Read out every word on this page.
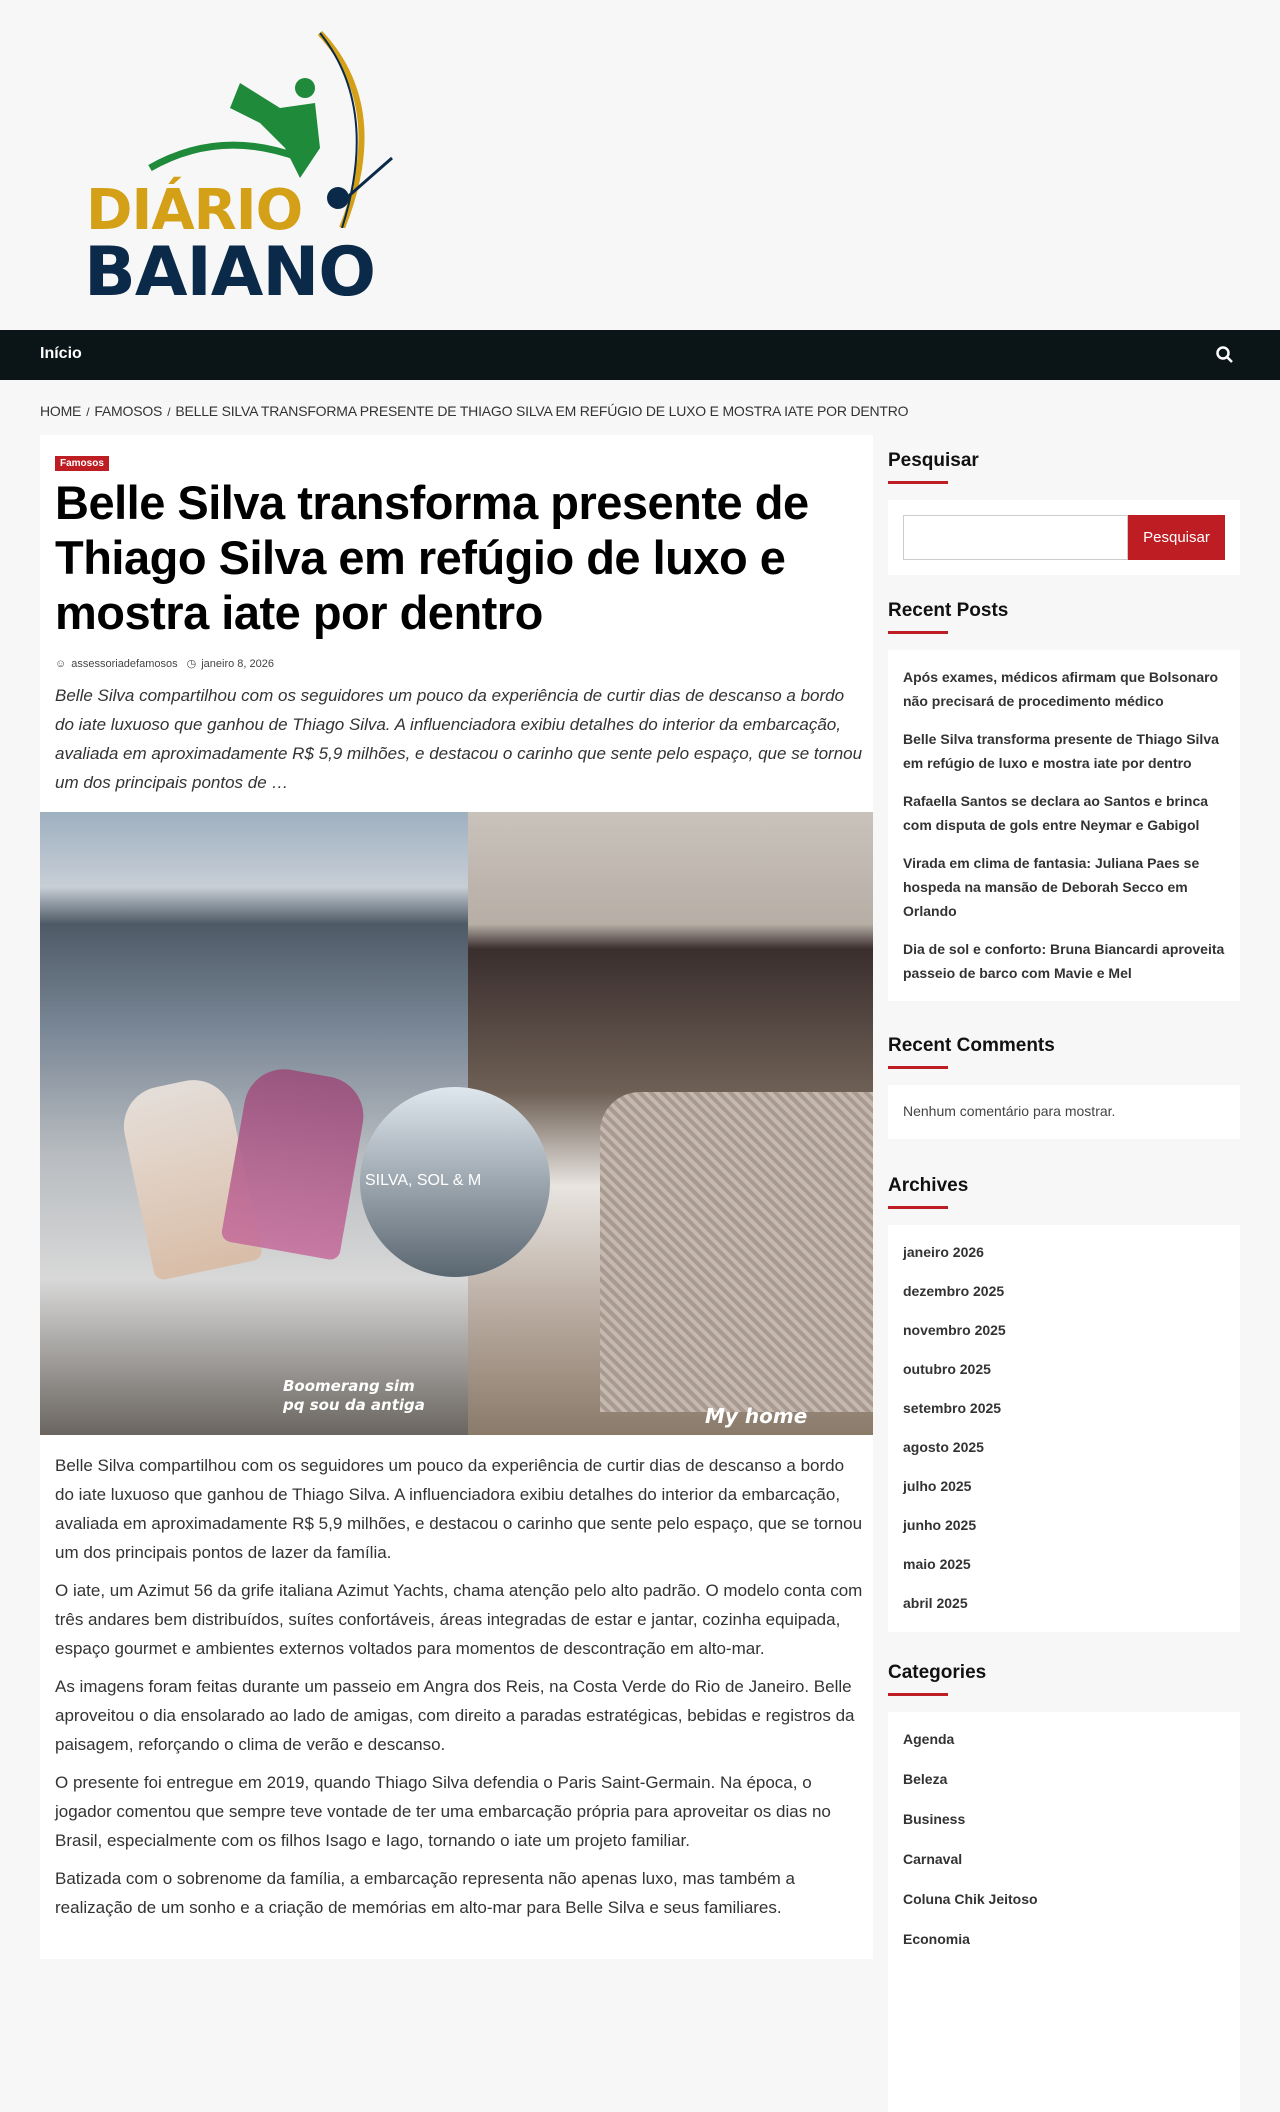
DIÁRIO
BAIANO
Início
HOME / FAMOSOS / BELLE SILVA TRANSFORMA PRESENTE DE THIAGO SILVA EM REFÚGIO DE LUXO E MOSTRA IATE POR DENTRO
Famosos
Belle Silva transforma presente de Thiago Silva em refúgio de luxo e mostra iate por dentro
☺ assessoriadefamosos ◷ janeiro 8, 2026

Belle Silva compartilhou com os seguidores um pouco da experiência de curtir dias de descanso a bordo do iate luxuoso que ganhou de Thiago Silva. A influenciadora exibiu detalhes do interior da embarcação, avaliada em aproximadamente R$ 5,9 milhões, e destacou o carinho que sente pelo espaço, que se tornou um dos principais pontos de …

SILVA, SOL & M
Boomerang sim
pq sou da antiga	My home

Belle Silva compartilhou com os seguidores um pouco da experiência de curtir dias de descanso a bordo do iate luxuoso que ganhou de Thiago Silva. A influenciadora exibiu detalhes do interior da embarcação, avaliada em aproximadamente R$ 5,9 milhões, e destacou o carinho que sente pelo espaço, que se tornou um dos principais pontos de lazer da família.

O iate, um Azimut 56 da grife italiana Azimut Yachts, chama atenção pelo alto padrão. O modelo conta com três andares bem distribuídos, suítes confortáveis, áreas integradas de estar e jantar, cozinha equipada, espaço gourmet e ambientes externos voltados para momentos de descontração em alto-mar.

As imagens foram feitas durante um passeio em Angra dos Reis, na Costa Verde do Rio de Janeiro. Belle aproveitou o dia ensolarado ao lado de amigas, com direito a paradas estratégicas, bebidas e registros da paisagem, reforçando o clima de verão e descanso.

O presente foi entregue em 2019, quando Thiago Silva defendia o Paris Saint-Germain. Na época, o jogador comentou que sempre teve vontade de ter uma embarcação própria para aproveitar os dias no Brasil, especialmente com os filhos Isago e Iago, tornando o iate um projeto familiar.

Batizada com o sobrenome da família, a embarcação representa não apenas luxo, mas também a realização de um sonho e a criação de memórias em alto-mar para Belle Silva e seus familiares.

Pesquisar
Pesquisar
Recent Posts
Após exames, médicos afirmam que Bolsonaro não precisará de procedimento médico
Belle Silva transforma presente de Thiago Silva em refúgio de luxo e mostra iate por dentro
Rafaella Santos se declara ao Santos e brinca com disputa de gols entre Neymar e Gabigol
Virada em clima de fantasia: Juliana Paes se hospeda na mansão de Deborah Secco em Orlando
Dia de sol e conforto: Bruna Biancardi aproveita passeio de barco com Mavie e Mel
Recent Comments
Nenhum comentário para mostrar.
Archives
janeiro 2026
dezembro 2025
novembro 2025
outubro 2025
setembro 2025
agosto 2025
julho 2025
junho 2025
maio 2025
abril 2025
Categories
Agenda
Beleza
Business
Carnaval
Coluna Chik Jeitoso
Economia
